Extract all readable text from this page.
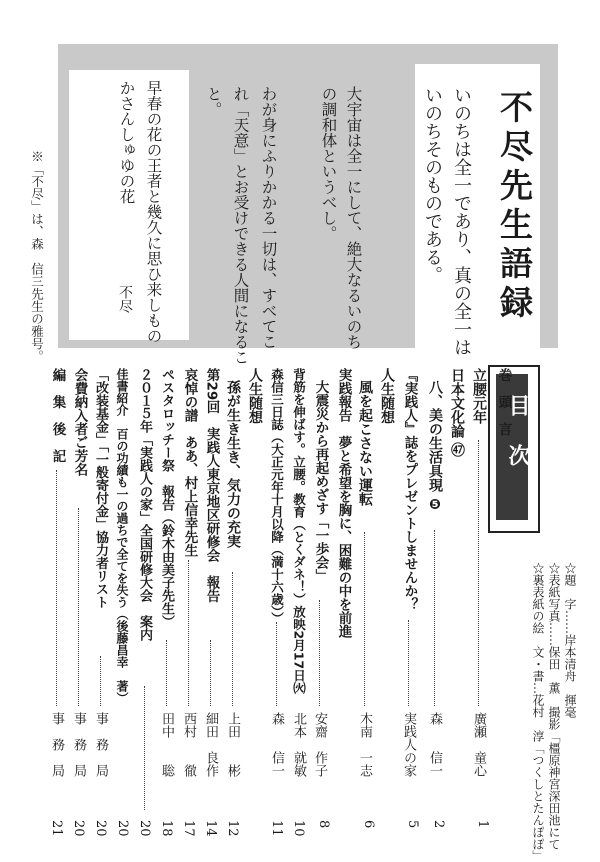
不尽先生語録
いのちは全一であり、真の全一は
いのちそのものである。
大宇宙は全一にして、絶大なるいのち
の調和体というべし。
わが身にふりかかる一切は、すべてこ
れ「天意」とお受けできる人間になるこ
と。
早春の花の王者と幾久に思ひ来しもの
かさんしゅゆの花
不尽
※「不尽」は、森　信三先生の雅号。
☆題　字……岸本清舟　揮毫
☆表紙写真……保田　薫　撮影「橿原神宮深田池にて
☆裏表紙の絵　文・書…花村　淳「つくしとたんぽぽ」
目次
巻　頭　言
立腰元年
廣瀬　童心
1
日本文化論 ㊼
八、美の生活具現 ❺
森　　信一
2
『実践人』誌をプレゼントしませんか？
実践人の家
5
人生随想
風を起こさない運転
木南　一志
6
実践報告　夢と希望を胸に、困難の中を前進
大震災から再起めざす「一歩会」
安齋　作子
8
背筋を伸ばす。立腰。教育（とくダネ！）放映2月17日㈫
北本　就敏
10
森信三日誌（大正元年十月以降（満十六歳））
森　　信一
11
人生随想
孫が生き生き、気力の充実
上田　　彬
12
第29回　実践人東京地区研修会　報告
細田　良作
14
哀悼の譜　ああ、村上信幸先生
西村　　徹
17
ペスタロッチー祭　報告（鈴木由美子先生）
田中　　聡
18
２０１５年「実践人の家」全国研修大会　案内
20
佳書紹介　百の功績も一の過ちで全てを失う（後藤昌幸　著）
20
「改装基金」「一般寄付金」協力者リスト
事　務　局
20
会費納入者ご芳名
事　務　局
20
編　集　後　記
事　務　局
21
